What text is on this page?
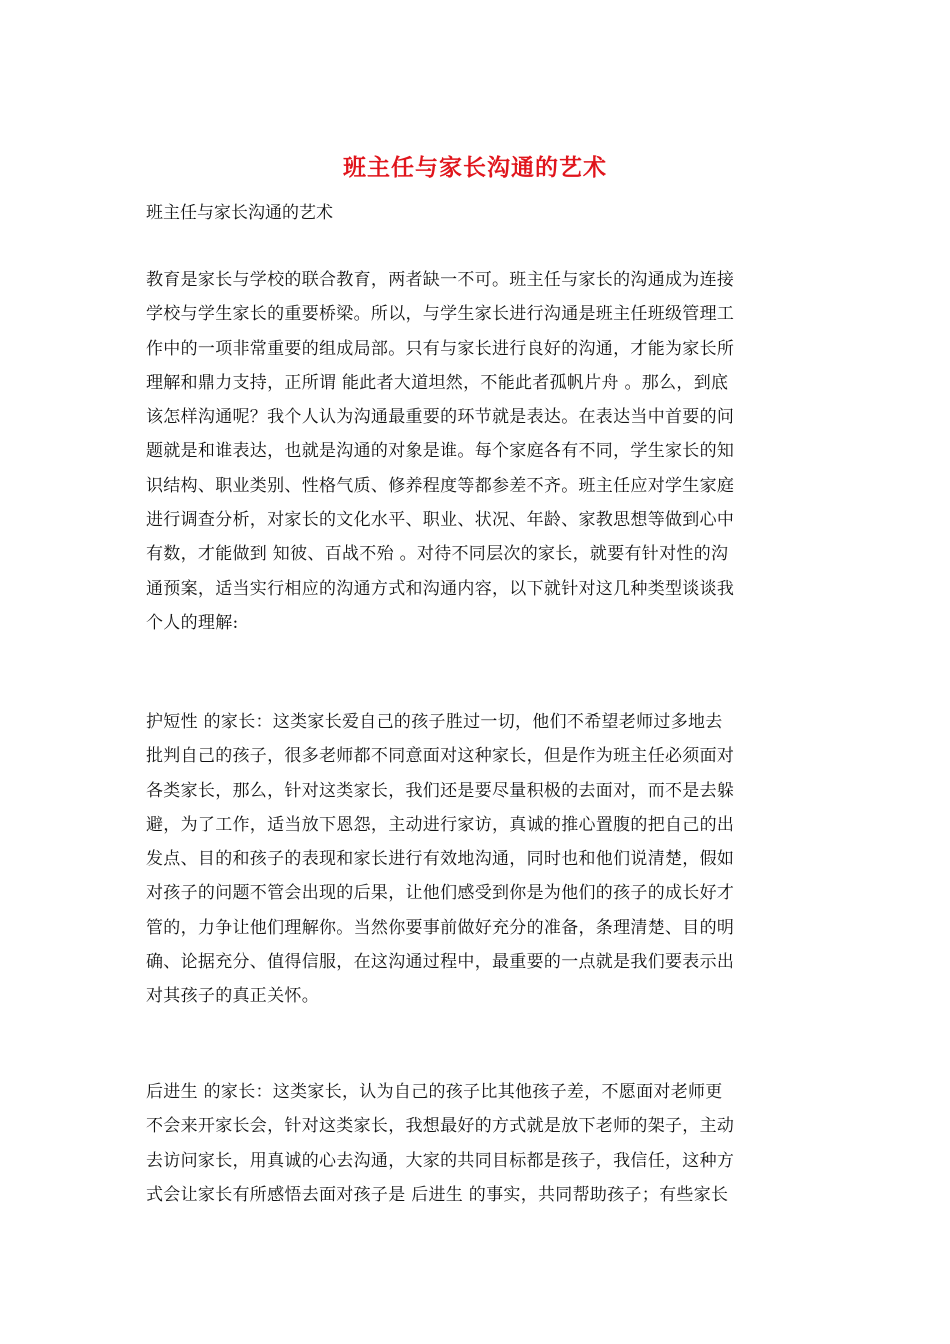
班主任与家长沟通的艺术
班主任与家长沟通的艺术
教育是家长与学校的联合教育，两者缺一不可。班主任与家长的沟通成为连接
学校与学生家长的重要桥梁。所以，与学生家长进行沟通是班主任班级管理工
作中的一项非常重要的组成局部。只有与家长进行良好的沟通，才能为家长所
理解和鼎力支持，正所谓 能此者大道坦然，不能此者孤帆片舟 。那么，到底
该怎样沟通呢？我个人认为沟通最重要的环节就是表达。在表达当中首要的问
题就是和谁表达，也就是沟通的对象是谁。每个家庭各有不同，学生家长的知
识结构、职业类别、性格气质、修养程度等都参差不齐。班主任应对学生家庭
进行调查分析，对家长的文化水平、职业、状况、年龄、家教思想等做到心中
有数，才能做到 知彼、百战不殆 。对待不同层次的家长，就要有针对性的沟
通预案，适当实行相应的沟通方式和沟通内容，以下就针对这几种类型谈谈我
个人的理解:
护短性 的家长：这类家长爱自己的孩子胜过一切，他们不希望老师过多地去
批判自己的孩子，很多老师都不同意面对这种家长，但是作为班主任必须面对
各类家长，那么，针对这类家长，我们还是要尽量积极的去面对，而不是去躲
避，为了工作，适当放下恩怨，主动进行家访，真诚的推心置腹的把自己的出
发点、目的和孩子的表现和家长进行有效地沟通，同时也和他们说清楚，假如
对孩子的问题不管会出现的后果，让他们感受到你是为他们的孩子的成长好才
管的，力争让他们理解你。当然你要事前做好充分的准备，条理清楚、目的明
确、论据充分、值得信服，在这沟通过程中，最重要的一点就是我们要表示出
对其孩子的真正关怀。
后进生 的家长：这类家长，认为自己的孩子比其他孩子差，不愿面对老师更
不会来开家长会，针对这类家长，我想最好的方式就是放下老师的架子，主动
去访问家长，用真诚的心去沟通，大家的共同目标都是孩子，我信任，这种方
式会让家长有所感悟去面对孩子是 后进生 的事实，共同帮助孩子；有些家长
